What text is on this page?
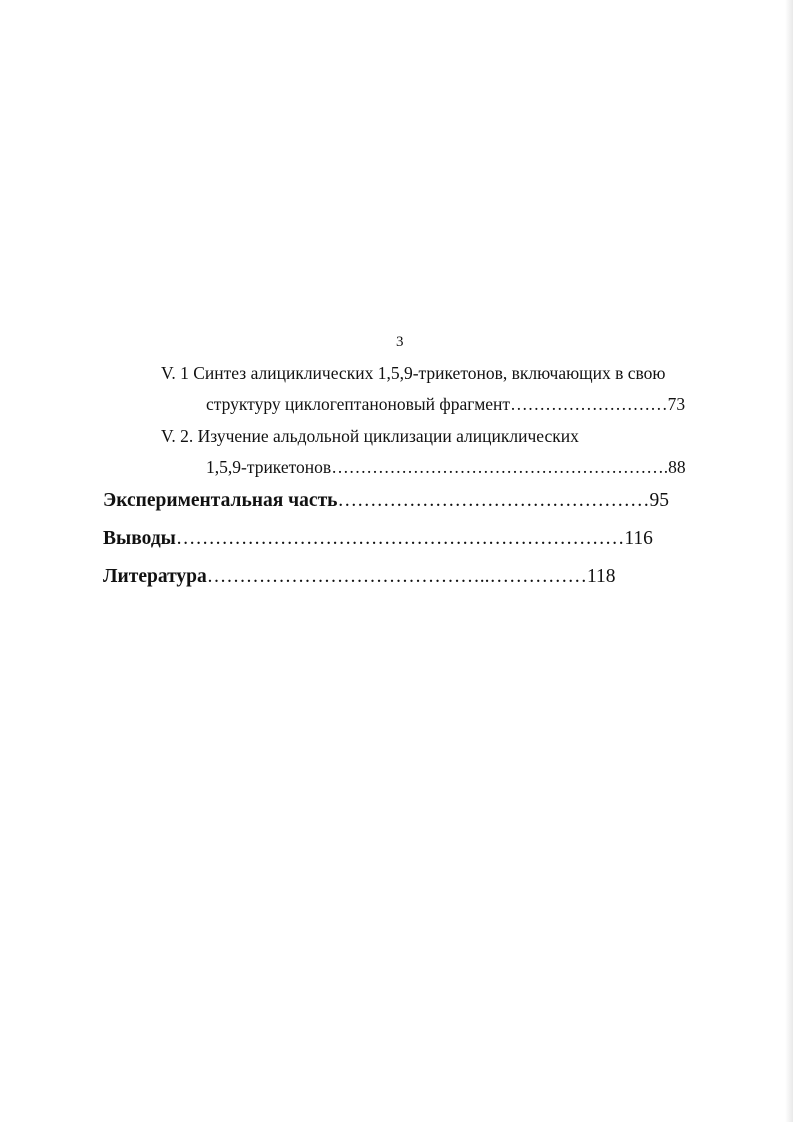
3
V. 1 Синтез алициклических 1,5,9-трикетонов, включающих в свою
структуру циклогептаноновый фрагмент………………………73
V. 2. Изучение альдольной циклизации алициклических
1,5,9-трикетонов………………………………………………….88
Экспериментальная часть…………………………………………95
Выводы……………………………………………………………116
Литература……………………………………..……………118
